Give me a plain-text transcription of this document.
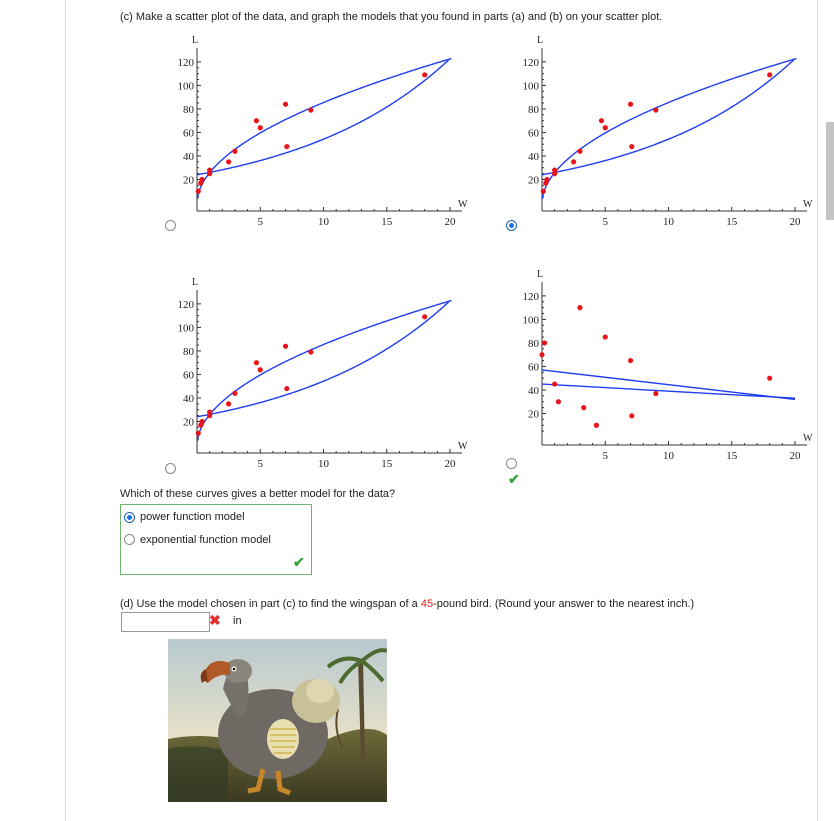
(c) Make a scatter plot of the data, and graph the models that you found in parts (a) and (b) on your scatter plot.
L
W
20
40
60
80
100
120
5	10	15	20
L
W
20
40
60
80
100
120
5	10	15	20
L
W
20
40
60
80
100
120
5	10	15	20
L
W
20
40
60
80
100
120
5	10	15	20
✔
Which of these curves gives a better model for the data?
power function model
exponential function model
✔
(d) Use the model chosen in part (c) to find the wingspan of a 45-pound bird. (Round your answer to the nearest inch.)
✖ in
